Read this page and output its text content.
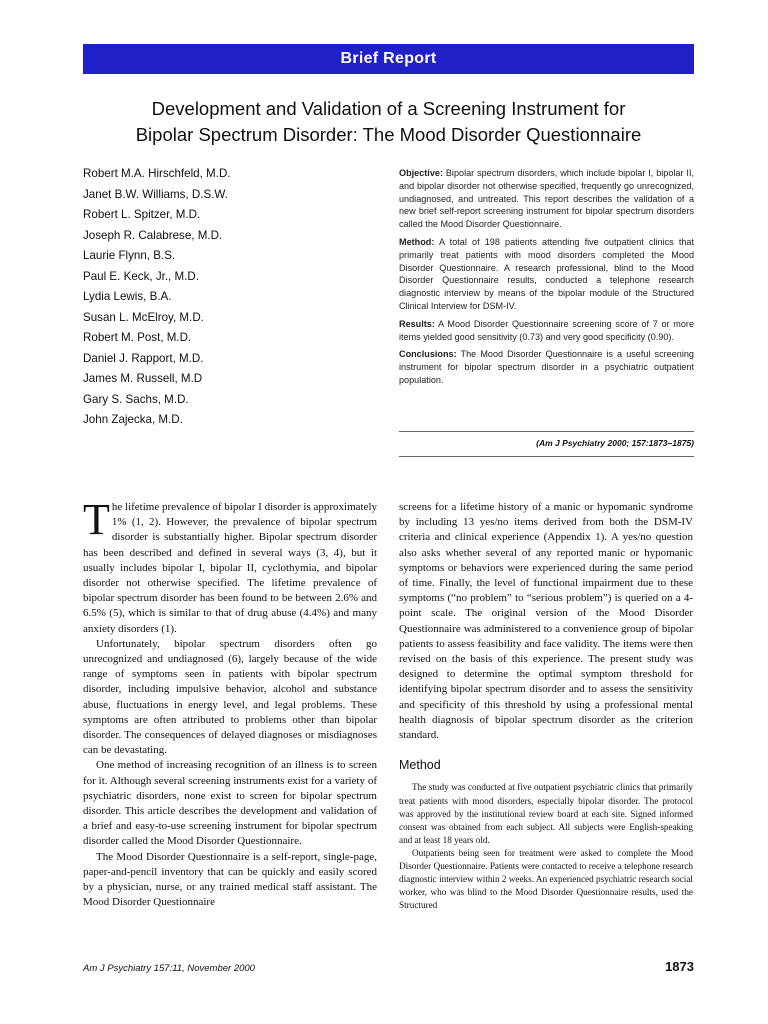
Brief Report
Development and Validation of a Screening Instrument for
Bipolar Spectrum Disorder: The Mood Disorder Questionnaire
Robert M.A. Hirschfeld, M.D.
Janet B.W. Williams, D.S.W.
Robert L. Spitzer, M.D.
Joseph R. Calabrese, M.D.
Laurie Flynn, B.S.
Paul E. Keck, Jr., M.D.
Lydia Lewis, B.A.
Susan L. McElroy, M.D.
Robert M. Post, M.D.
Daniel J. Rapport, M.D.
James M. Russell, M.D
Gary S. Sachs, M.D.
John Zajecka, M.D.

Objective: Bipolar spectrum disorders, which include bipolar I, bipolar II, and bipolar disorder not otherwise specified, frequently go unrecognized, undiagnosed, and untreated. This report describes the validation of a new brief self-report screening instrument for bipolar spectrum disorders called the Mood Disorder Questionnaire.

Method: A total of 198 patients attending five outpatient clinics that primarily treat patients with mood disorders completed the Mood Disorder Questionnaire. A research professional, blind to the Mood Disorder Questionnaire results, conducted a telephone research diagnostic interview by means of the bipolar module of the Structured Clinical Interview for DSM-IV.

Results: A Mood Disorder Questionnaire screening score of 7 or more items yielded good sensitivity (0.73) and very good specificity (0.90).

Conclusions: The Mood Disorder Questionnaire is a useful screening instrument for bipolar spectrum disorder in a psychiatric outpatient population.

(Am J Psychiatry 2000; 157:1873–1875)

The lifetime prevalence of bipolar I disorder is approximately 1% (1, 2). However, the prevalence of bipolar spectrum disorder is substantially higher. Bipolar spectrum disorder has been described and defined in several ways (3, 4), but it usually includes bipolar I, bipolar II, cyclothymia, and bipolar disorder not otherwise specified. The lifetime prevalence of bipolar spectrum disorder has been found to be between 2.6% and 6.5% (5), which is similar to that of drug abuse (4.4%) and many anxiety disorders (1).

Unfortunately, bipolar spectrum disorders often go unrecognized and undiagnosed (6), largely because of the wide range of symptoms seen in patients with bipolar spectrum disorder, including impulsive behavior, alcohol and substance abuse, fluctuations in energy level, and legal problems. These symptoms are often attributed to problems other than bipolar disorder. The consequences of delayed diagnoses or misdiagnoses can be devastating.

One method of increasing recognition of an illness is to screen for it. Although several screening instruments exist for a variety of psychiatric disorders, none exist to screen for bipolar spectrum disorder. This article describes the development and validation of a brief and easy-to-use screening instrument for bipolar spectrum disorder called the Mood Disorder Questionnaire.

The Mood Disorder Questionnaire is a self-report, single-page, paper-and-pencil inventory that can be quickly and easily scored by a physician, nurse, or any trained medical staff assistant. The Mood Disorder Questionnaire

screens for a lifetime history of a manic or hypomanic syndrome by including 13 yes/no items derived from both the DSM-IV criteria and clinical experience (Appendix 1). A yes/no question also asks whether several of any reported manic or hypomanic symptoms or behaviors were experienced during the same period of time. Finally, the level of functional impairment due to these symptoms (“no problem” to “serious problem”) is queried on a 4-point scale. The original version of the Mood Disorder Questionnaire was administered to a convenience group of bipolar patients to assess feasibility and face validity. The items were then revised on the basis of this experience. The present study was designed to determine the optimal symptom threshold for identifying bipolar spectrum disorder and to assess the sensitivity and specificity of this threshold by using a professional mental health diagnosis of bipolar spectrum disorder as the criterion standard.

Method

The study was conducted at five outpatient psychiatric clinics that primarily treat patients with mood disorders, especially bipolar disorder. The protocol was approved by the institutional review board at each site. Signed informed consent was obtained from each subject. All subjects were English-speaking and at least 18 years old.

Outpatients being seen for treatment were asked to complete the Mood Disorder Questionnaire. Patients were contacted to receive a telephone research diagnostic interview within 2 weeks. An experienced psychiatric research social worker, who was blind to the Mood Disorder Questionnaire results, used the Structured

Am J Psychiatry 157:11, November 2000	1873
